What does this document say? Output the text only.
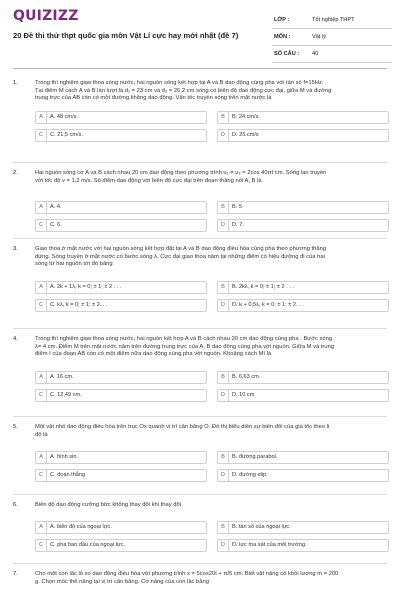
QUIZIZZ
20 Đề thi thử thpt quốc gia môn Vật Lí cực hay mới nhất (đề 7)
LỚP :	Tốt nghiệp THPT
MÔN :	Vật lý
SỐ CÂU : 40
1.	Trong thí nghiệm giao thoa sóng nước, hai nguồn sóng kết hợp tại A và B dao động cùng pha với tần số f=15Hz.
Tại điểm M cách A và B lần lượt là d₁ = 23 cm và d₂ = 26,2 cm sóng có biên độ dao động cực đại, giữa M và đường
trung trực của AB còn có một đường không dao động. Vận tốc truyền sóng trên mặt nước là
A	A. 48 cm/s.	B	B. 24 cm/s.
C	C. 21,5 cm/s.	D	D. 25 cm/s
2.	Hai nguồn sóng cơ A và B cách nhau 20 cm dao động theo phương trình u₁ = u₂ = 2cos 40πt cm. Sóng lan truyền
với tốc độ v = 1,2 m/s. Số điểm dao động với biên độ cực đại trên đoạn thẳng nối A, B là
A	A. 4.	B	B. 5
C	C. 6.	D	D. 7.
3.	Giao thoa ở mặt nước với hai nguồn sóng kết hợp đặt tại A và B dao động điều hòa cùng pha theo phương thẳng
đứng. Sóng truyền ở mặt nước có bước sóng λ. Cực đại giao thoa nằm tại những điểm có hiệu đường đi của hai
sóng từ hai nguồn tới đó bằng
A	A. 2k + 1λ, k = 0; ± 1; ± 2 . . .	B	B. 2kλ, k = 0; ± 1; ± 2 . . .
C	C. kλ, k = 0; ± 1; ± 2. . .	D	D. k + 0,5λ, k = 0; ± 1; ± 2. . .
4.	Trong thí nghiệm giao thoa sóng nước, hai nguồn kết hợp A và B cách nhau 20 cm dao động cùng pha . Bước sóng
λ= 4 cm. Điểm M trên mặt nước nằm trên đường trung trực của A, B dao động cùng pha với nguồn. Giữa M và trung
điểm I của đoạn AB còn có một điểm nữa dao động cùng pha với nguồn. Khoảng cách MI là
A	A. 16 cm.	B	B. 6,63 cm.
C	C. 12,49 cm.	D	D. 10 cm
5.	Một vật nhỏ dao động điều hòa trên trục Ox quanh vị trí cân bằng O. Đồ thị biểu diễn sự biến đổi của gia tốc theo li
độ là
A	A. hình sin.	B	B. đường parabol.
C	C. đoạn thẳng	D	D. đường elip.
6.	Biên độ dao động cưỡng bức không thay đổi khi thay đổi
A	A. biên độ của ngoại lực.	B	B. tần số của ngoại lực.
C	C. pha ban đầu của ngoại lực.	D	D. lực ma sát của môi trường.
7.	Cho một con lắc lò xo dao động điều hòa với phương trình x = 5cos20t + π/6 cm. Biết vật nặng có khối lượng m = 200
g. Chọn mốc thế năng tại vị trí cân bằng. Cơ năng của con lắc bằng
